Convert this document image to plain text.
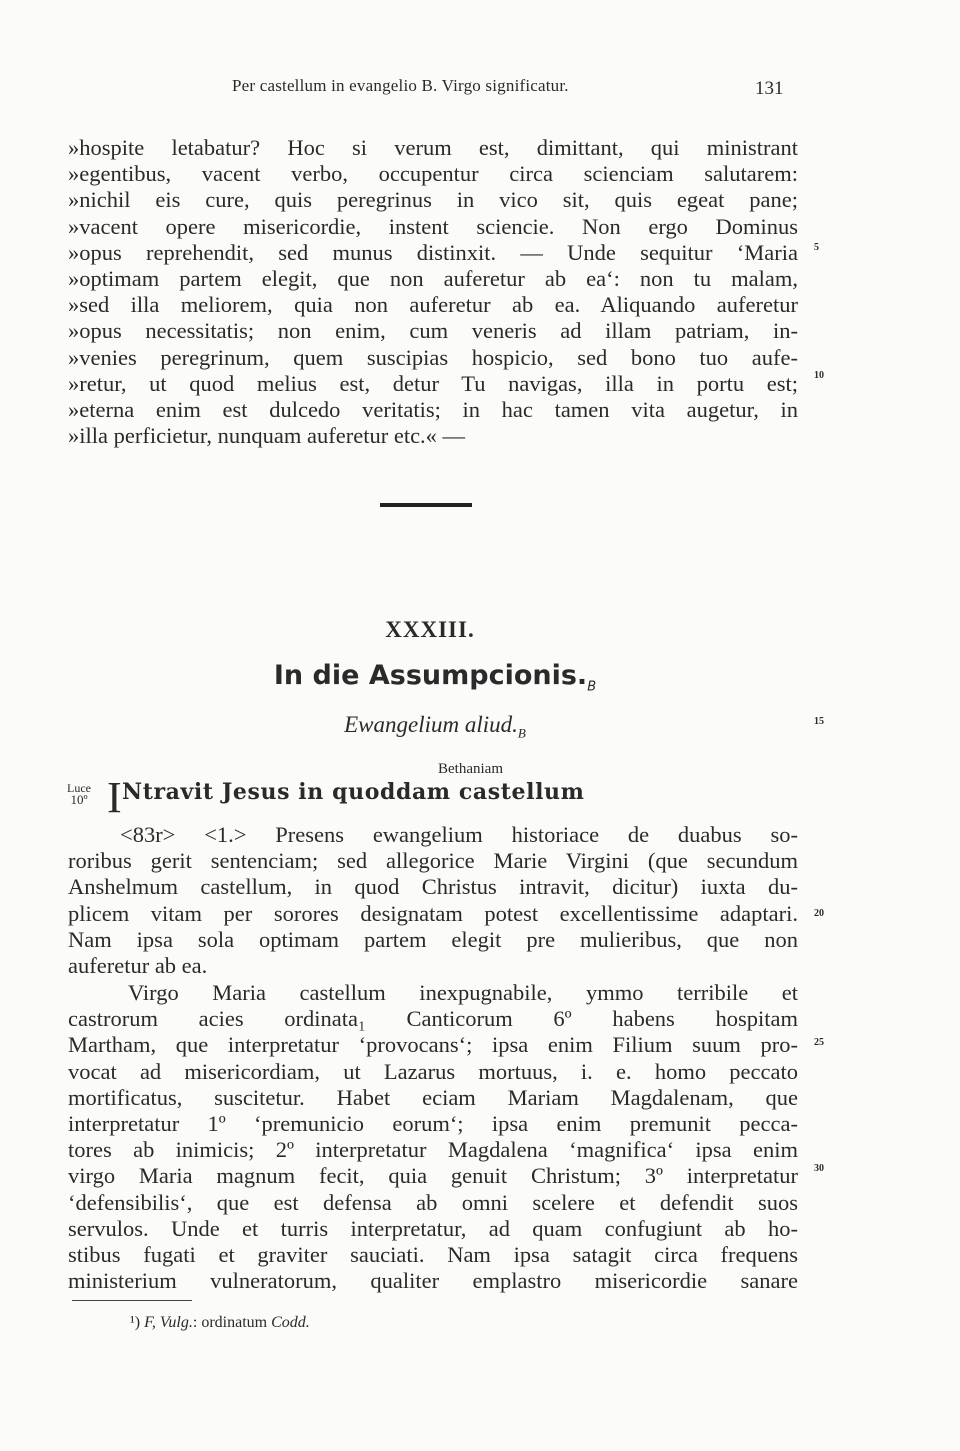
Per castellum in evangelio B. Virgo significatur.	131
»hospite letabatur? Hoc si verum est, dimittant, qui ministrant
»egentibus, vacent verbo, occupentur circa scienciam salutarem:
»nichil eis cure, quis peregrinus in vico sit, quis egeat pane;
»vacent opere misericordie, instent sciencie. Non ergo Dominus
»opus reprehendit, sed munus distinxit. — Unde sequitur ‘Maria
»optimam partem elegit, que non auferetur ab ea‘: non tu malam,
»sed illa meliorem, quia non auferetur ab ea. Aliquando auferetur
»opus necessitatis; non enim, cum veneris ad illam patriam, in-
»venies peregrinum, quem suscipias hospicio, sed bono tuo aufe-
»retur, ut quod melius est, detur Tu navigas, illa in portu est;
»eterna enim est dulcedo veritatis; in hac tamen vita augetur, in
»illa perficietur, nunquam auferetur etc.« —
5
10
XXXIII.
In die $Assumpcionis._B$
Ewangelium $aliud._B$
15
Luce
10º
Bethaniam
I Ntravit Jesus in quoddam castellum
<83r> <1.> Presens ewangelium historiace de duabus so-
roribus gerit sentenciam; sed allegorice Marie Virgini (que secundum
Anshelmum castellum, in quod Christus intravit, dicitur) iuxta du-
plicem vitam per sorores designatam potest excellentissime adaptari.
Nam ipsa sola optimam partem elegit pre mulieribus, que non
auferetur ab ea.
20
Virgo Maria castellum inexpugnabile, ymmo terribile et
castrorum acies ordinata₁ Canticorum 6º habens hospitam
Martham, que interpretatur ‘provocans‘; ipsa enim Filium suum pro-
vocat ad misericordiam, ut Lazarus mortuus, i. e. homo peccato
mortificatus, suscitetur. Habet eciam Mariam Magdalenam, que
interpretatur 1º ‘premunicio eorum‘; ipsa enim premunit pecca-
tores ab inimicis; 2º interpretatur Magdalena ‘magnifica‘ ipsa enim
virgo Maria magnum fecit, quia genuit Christum; 3º interpretatur
‘defensibilis‘, que est defensa ab omni scelere et defendit suos
servulos. Unde et turris interpretatur, ad quam confugiunt ab ho-
stibus fugati et graviter sauciati. Nam ipsa satagit circa frequens
ministerium vulneratorum, qualiter emplastro misericordie sanare
25
30
¹) F, Vulg.: ordinatum Codd.
